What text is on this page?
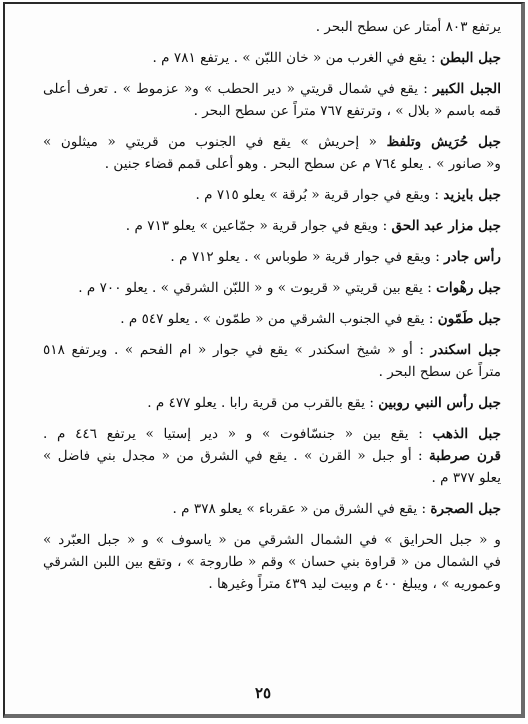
يرتفع ٨٠٣ أمتار عن سطح البحر .
جبل البطن : يقع في الغرب من « خان اللبّن » . يرتفع ٧٨١ م .
الجبل الكبير : يقع في شمال قريتي « دير الحطب » و« عزموط » . تعرف أعلى
قمه باسم « بلال » ، وترتفع ٧٦٧ متراً عن سطح البحر .
جبل حُرَيش وتلفظ « إحريش » يقع في الجنوب من قريتي « ميثلون »
و« صانور » . يعلو ٧٦٤ م عن سطح البحر . وهو أعلى قمم قضاء جنين .
جبل بايزيد : ويقع في جوار قرية « بُرقة » يعلو ٧١٥ م .
جبل مزار عبد الحق : ويقع في جوار قرية « جمّاعين » يعلو ٧١٣ م .
رأس جادر : ويقع في جوار قرية « طوباس » . يعلو ٧١٢ م .
جبل رهْوات : يقع بين قريتي « قريوت » و « اللبّن الشرقي » . يعلو ٧٠٠ م .
جبل طَمّون : يقع في الجنوب الشرقي من « طمّون » . يعلو ٥٤٧ م .
جبل اسكندر : أو « شيخ اسكندر » يقع في جوار « ام الفحم » . ويرتفع ٥١٨
متراً عن سطح البحر .
جبل رأس النبي روبين : يقع بالقرب من قرية رابا . يعلو ٤٧٧ م .
جبل الذهب : يقع بين « جنسّافوت » و « دير إستيا » يرتفع ٤٤٦ م .
قرن صرطبة : أو جبل « القرن » . يقع في الشرق من « مجدل بني فاضل »
يعلو ٣٧٧ م .
جبل الصجرة : يقع في الشرق من « عقرباء » يعلو ٣٧٨ م .
و « جبل الحرايق » في الشمال الشرقي من « ياسوف » و « جبل العبّرد »
في الشمال من « قراوة بني حسان » وقم « طاروجة » ، وتقع بين اللبن الشرقي
وعموريه » ، ويبلغ ٤٠٠ م وبيت ليد ٤٣٩ متراً وغيرها .
٢٥
